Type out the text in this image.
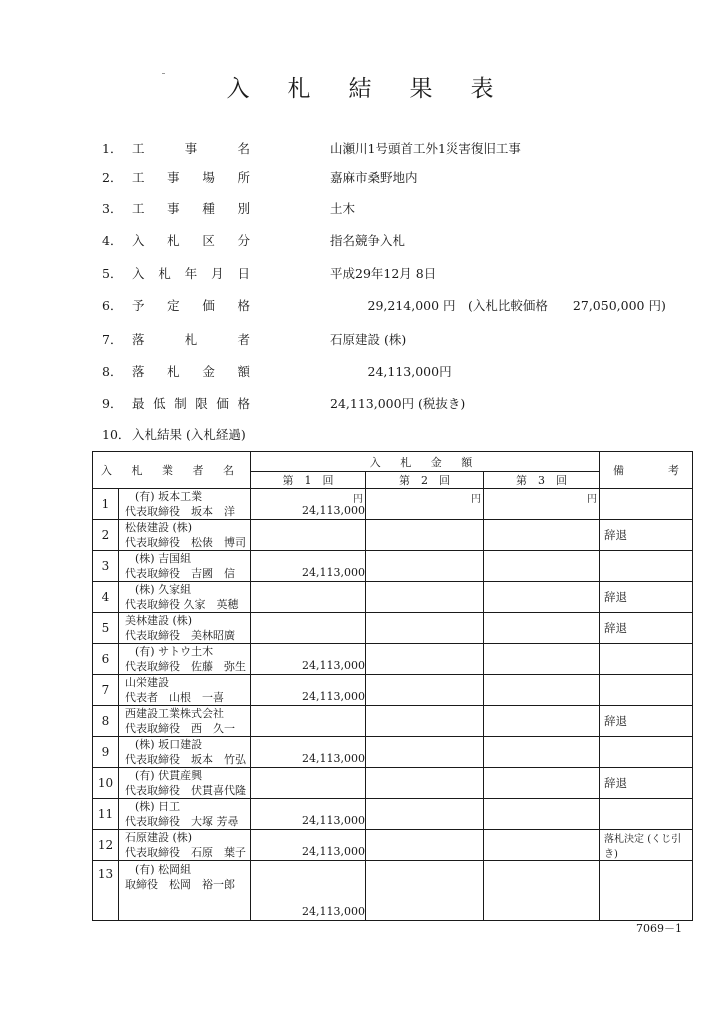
入札結果表
1． 工	事	名	山瀬川1号頭首工外1災害復旧工事
2． 工 事 場 所	嘉麻市桑野地内
3． 工 事 種 別	土木
4． 入 札 区 分	指名競争入札
5． 入 札 年 月 日	平成29年12月 8日
6． 予 定 価 格	　　　29,214,000 円　(入札比較価格　　27,050,000 円)
7． 落	札	者	石原建設 (株)
8． 落 札 金 額	　　　24,113,000円
9． 最 低 制 限 価 格	24,113,000円 (税抜き)
10． 入札結果 (入札経過)
入 札 業 者 名		入 札 金 額			備　　　　考
		第　1　回	第　2　回	第　3　回	
1	(有) 坂本工業
代表取締役　坂本　洋	円
24,113,000	円	円	

2	松俵建設 (株)
代表取締役　松俵　博司				辞退
3	(株) 吉国組
代表取締役　吉國　信	24,113,000			
4	(株) 久家組
代表取締役 久家　英穂				辞退
5	美林建設 (株)
代表取締役　美林昭廣				辞退
6	(有) サトウ土木
代表取締役　佐藤　弥生	24,113,000			
7	山栄建設
代表者　山根　一喜	24,113,000			
8	西建設工業株式会社
代表取締役　西　久一				辞退
9	(株) 坂口建設
代表取締役　坂本　竹弘	24,113,000			
10	(有) 伏貫産興
代表取締役　伏貫喜代隆				辞退
11	(株) 日工
代表取締役　大塚 芳尋	24,113,000			
12	石原建設 (株)
代表取締役　石原　葉子	24,113,000			落札決定 (くじ引き)
13	(有) 松岡組
取締役　松岡　裕一郎	24,113,000			
7069－1
